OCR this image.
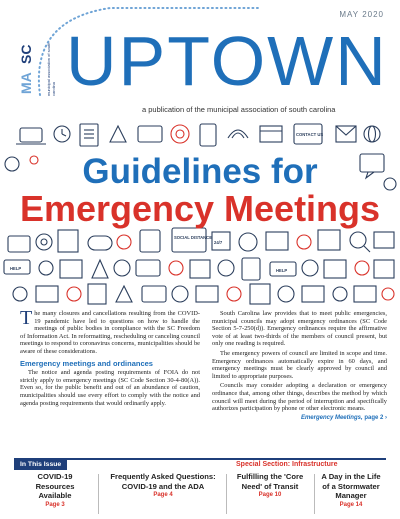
MAY 2020
MA
SC	municipal association of south carolina UPTOWN
a publication of the municipal association of south carolina
CONTACT US
SOCIAL DISTANCE
24/7
HELP	HELP
Guidelines for
Emergency Meetings

The many closures and cancellations resulting from the COVID-19 pandemic have led to questions on how to handle the meetings of public bodies in compliance with the SC Freedom of Information Act. In reformatting, rescheduling or canceling council meetings to respond to coronavirus concerns, municipalities should be aware of these considerations.

Emergency meetings and ordinances

The notice and agenda posting requirements of FOIA do not strictly apply to emergency meetings (SC Code Section 30-4-80(A)). Even so, for the public benefit and out of an abundance of caution, municipalities should use every effort to comply with the notice and agenda posting requirements that would ordinarily apply.

South Carolina law provides that to meet public emergencies, municipal councils may adopt emergency ordinances (SC Code Section 5-7-250(d)). Emergency ordinances require the affirmative vote of at least two-thirds of the members of council present, but only one reading is required.

The emergency powers of council are limited in scope and time. Emergency ordinances automatically expire in 60 days, and emergency meetings must be clearly approved by council and limited to appropriate purposes.

Councils may consider adopting a declaration or emergency ordinance that, among other things, describes the method by which council will meet during the period of interruption and specifically authorizes participation by phone or other electronic means.

Emergency Meetings, page 2 ›
In This Issue	Special Section: Infrastructure
COVID-19 Resources Available
Page 3
Frequently Asked Questions: COVID-19 and the ADA
Page 4
Fulfilling the 'Core Need' of Transit
Page 10
A Day in the Life of a Stormwater Manager
Page 14
